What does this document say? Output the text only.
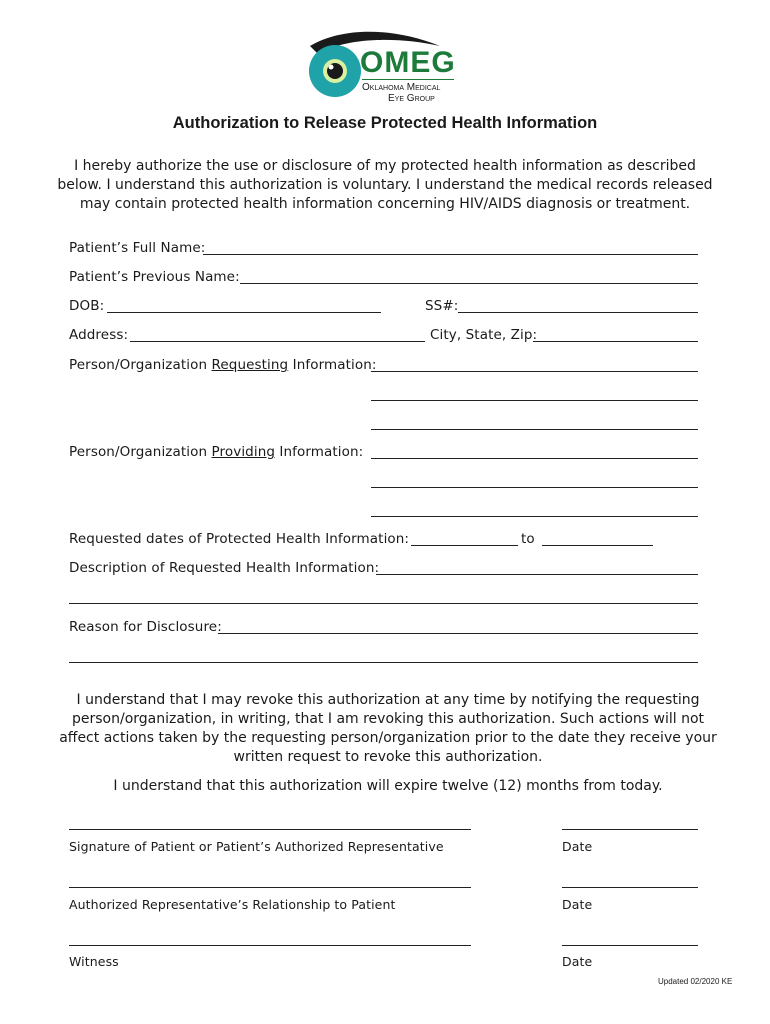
OMEG
Oklahoma Medical
Eye Group
Authorization to Release Protected Health Information
I hereby authorize the use or disclosure of my protected health information as described
below. I understand this authorization is voluntary. I understand the medical records released
may contain protected health information concerning HIV/AIDS diagnosis or treatment.
Patient’s Full Name:
Patient’s Previous Name:
DOB:	SS#:
Address:	City, State, Zip:
Person/Organization Requesting Information:
Person/Organization Providing Information:
Requested dates of Protected Health Information:	to
Description of Requested Health Information:
Reason for Disclosure:
I understand that I may revoke this authorization at any time by notifying the requesting
person/organization, in writing, that I am revoking this authorization. Such actions will not
affect actions taken by the requesting person/organization prior to the date they receive your
written request to revoke this authorization.
I understand that this authorization will expire twelve (12) months from today.
Signature of Patient or Patient’s Authorized Representative	Date
Authorized Representative’s Relationship to Patient	Date
Witness	Date
Updated 02/2020 KE
